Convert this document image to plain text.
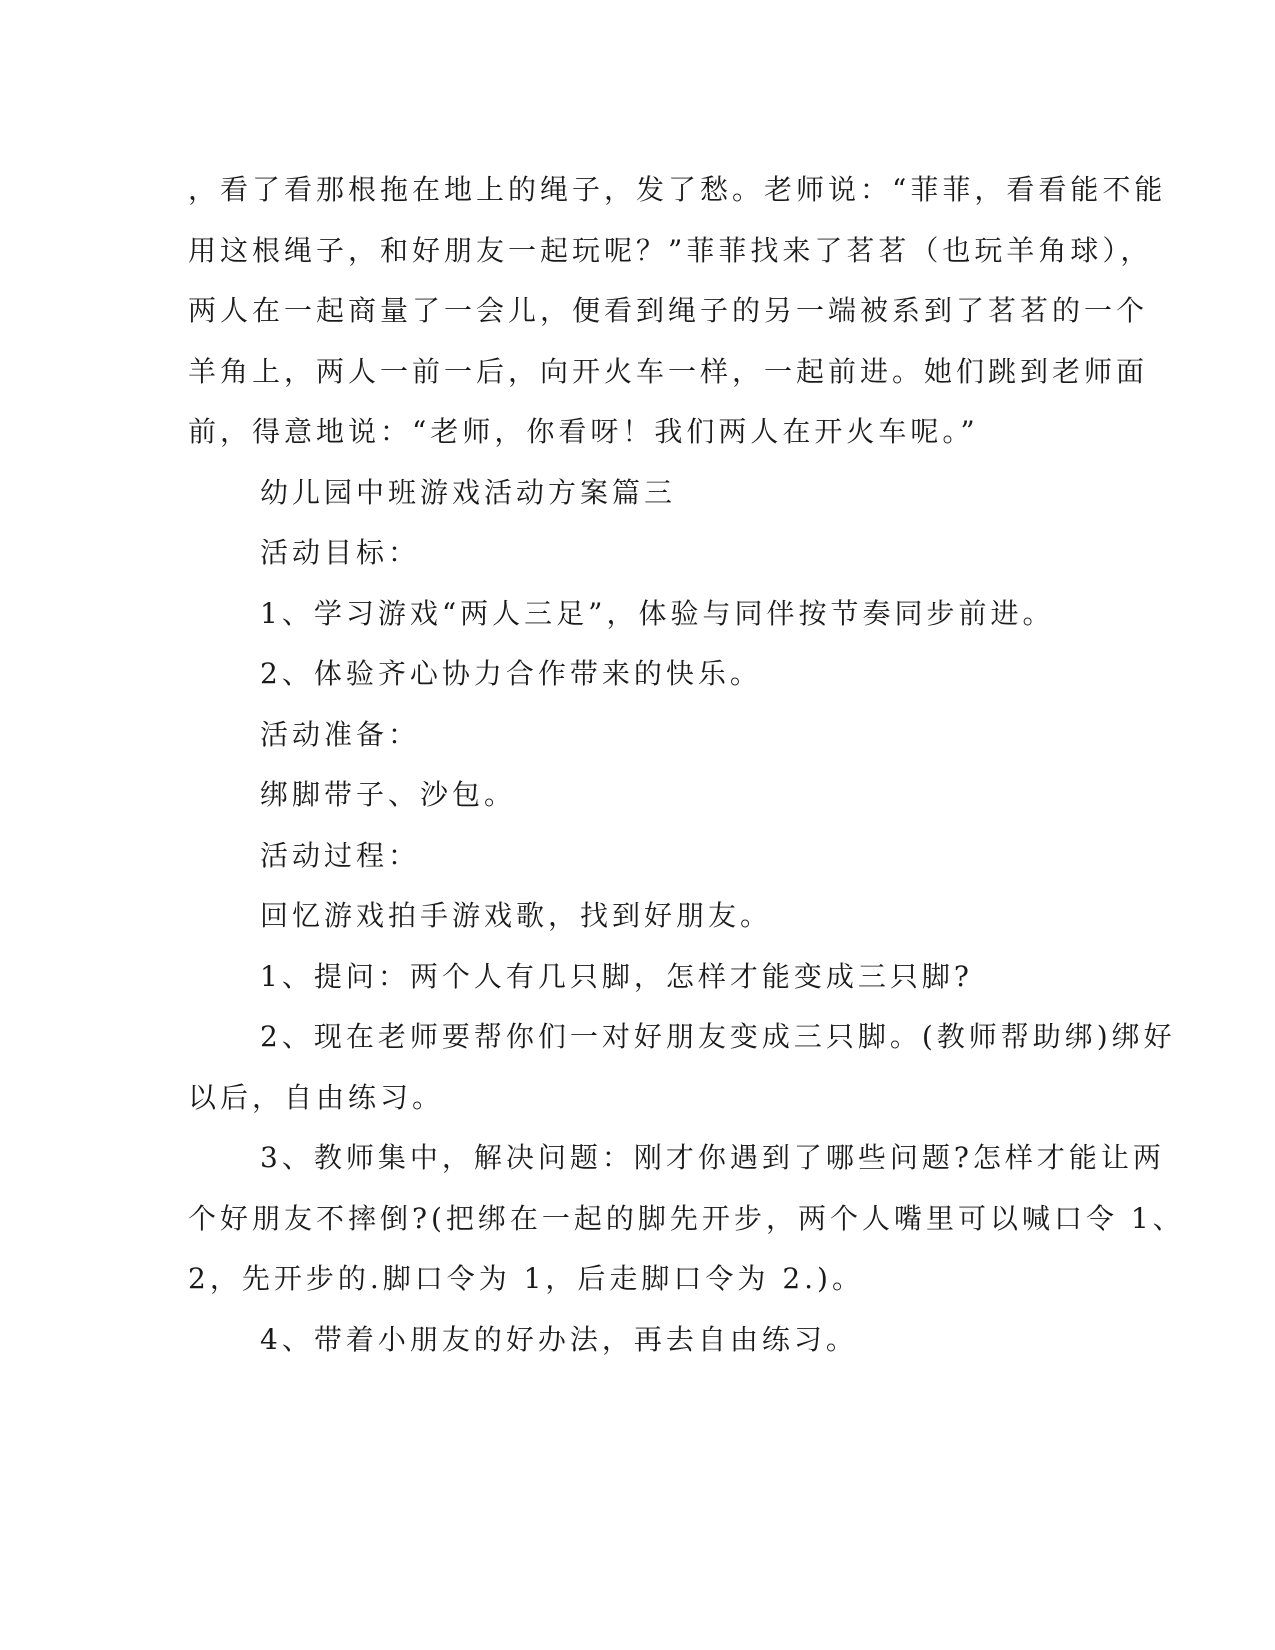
，看了看那根拖在地上的绳子，发了愁。老师说：“菲菲，看看能不能
用这根绳子，和好朋友一起玩呢？”菲菲找来了茗茗（也玩羊角球），
两人在一起商量了一会儿，便看到绳子的另一端被系到了茗茗的一个
羊角上，两人一前一后，向开火车一样，一起前进。她们跳到老师面
前，得意地说：“老师，你看呀！我们两人在开火车呢。”
幼儿园中班游戏活动方案篇三
活动目标：
1、学习游戏“两人三足”，体验与同伴按节奏同步前进。
2、体验齐心协力合作带来的快乐。
活动准备：
绑脚带子、沙包。
活动过程：
回忆游戏拍手游戏歌，找到好朋友。
1、提问：两个人有几只脚，怎样才能变成三只脚?
2、现在老师要帮你们一对好朋友变成三只脚。(教师帮助绑)绑好
以后，自由练习。
3、教师集中，解决问题：刚才你遇到了哪些问题?怎样才能让两
个好朋友不摔倒?(把绑在一起的脚先开步，两个人嘴里可以喊口令 1、
2，先开步的.脚口令为 1，后走脚口令为 2.)。
4、带着小朋友的好办法，再去自由练习。
